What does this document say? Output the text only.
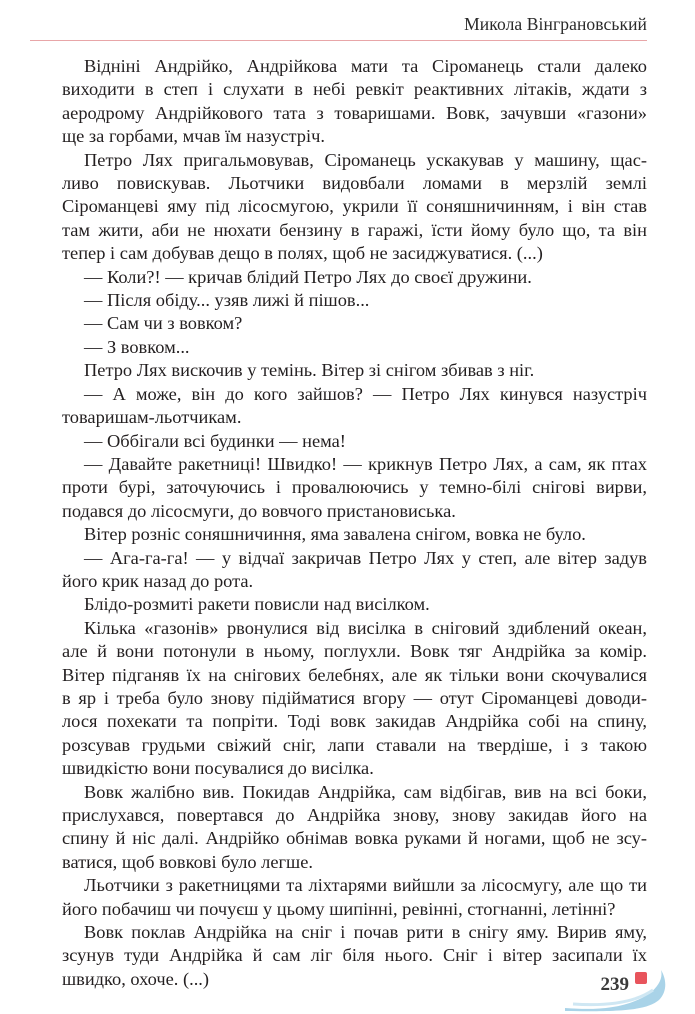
Микола Вінграновський

Відніні Андрійко, Андрійкова мати та Сіроманець стали далеко
виходити в степ і слухати в небі ревкіт реактивних літаків, ждати з
аеродрому Андрійкового тата з товаришами. Вовк, зачувши «газони»
ще за горбами, мчав їм назустріч.

Петро Лях пригальмовував, Сіроманець ускакував у машину, щас-
ливо повискував. Льотчики видовбали ломами в мерзлій землі
Сіроманцеві яму під лісосмугою, укрили її соняшничинням, і він став
там жити, аби не нюхати бензину в гаражі, їсти йому було що, та він
тепер і сам добував дещо в полях, щоб не засиджуватися. (...)

— Коли?! — кричав блідий Петро Лях до своєї дружини.

— Після обіду... узяв лижі й пішов...

— Сам чи з вовком?

— З вовком...

Петро Лях вискочив у темінь. Вітер зі снігом збивав з ніг.

— А може, він до кого зайшов? — Петро Лях кинувся назустріч
товаришам-льотчикам.

— Оббігали всі будинки — нема!

— Давайте ракетниці! Швидко! — крикнув Петро Лях, а сам, як птах
проти бурі, заточуючись і провалюючись у темно-білі снігові вирви,
подався до лісосмуги, до вовчого пристановиська.

Вітер розніс соняшничиння, яма завалена снігом, вовка не було.

— Ага-га-га! — у відчаї закричав Петро Лях у степ, але вітер задув
його крик назад до рота.

Блідо-розмиті ракети повисли над висілком.

Кілька «газонів» рвонулися від висілка в сніговий здиблений океан,
але й вони потонули в ньому, поглухли. Вовк тяг Андрійка за комір.
Вітер підганяв їх на снігових белебнях, але як тільки вони скочувалися
в яр і треба було знову підійматися вгору — отут Сіроманцеві доводи-
лося похекати та попріти. Тоді вовк закидав Андрійка собі на спину,
розсував грудьми свіжий сніг, лапи ставали на твердіше, і з такою
швидкістю вони посувалися до висілка.

Вовк жалібно вив. Покидав Андрійка, сам відбігав, вив на всі боки,
прислухався, повертався до Андрійка знову, знову закидав його на
спину й ніс далі. Андрійко обнімав вовка руками й ногами, щоб не зсу-
ватися, щоб вовкові було легше.

Льотчики з ракетницями та ліхтарями вийшли за лісосмугу, але що ти
його побачиш чи почуєш у цьому шипінні, ревінні, стогнанні, летінні?

Вовк поклав Андрійка на сніг і почав рити в снігу яму. Вирив яму,
зсунув туди Андрійка й сам ліг біля нього. Сніг і вітер засипали їх
швидко, охоче. (...)	239
